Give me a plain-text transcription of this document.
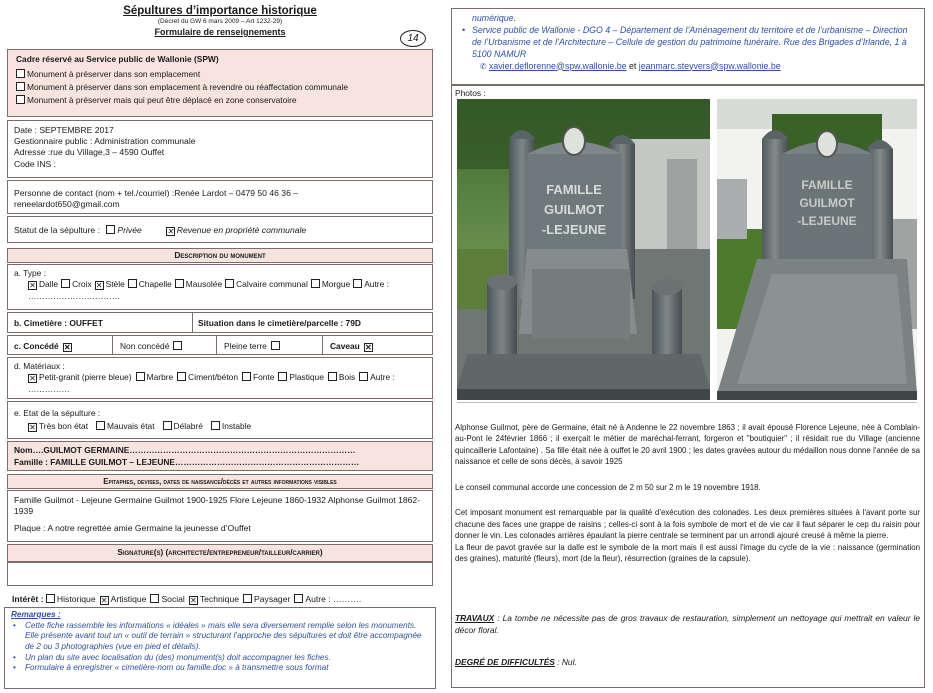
Sépultures d’importance historique
(Décret du GW 6 mars 2009 – Art 1232-29)
Formulaire de renseignements
14
Cadre réservé au Service public de Wallonie (SPW)
Monument à préserver dans son emplacement
Monument à préserver dans son emplacement à revendre ou réaffectation communale
Monument à préserver mais qui peut être déplacé en zone conservatoire
Date : SEPTEMBRE 2017
Gestionnaire public : Administration communale
Adresse :rue du Village,3 – 4590 Ouffet
Code INS :
Personne de contact (nom + tel./courriel) :Renée Lardot – 0479 50 46 36 –
reneelardot650@gmail.com
Statut de la sépulture : Privée ✕	Revenue en propriété communale
Description du monument
a. Type :
✕Dalle Croix ✕ Stèle Chapelle Mausolée Calvaire communal Morgue Autre : ……………………………
b. Cimetière : OUFFET	Situation dans le cimetière/parcelle : 79D
c. Concédé ✕	Non concédé	Pleine terre	Caveau✕
d. Matériaux :
✕Petit-granit (pierre bleue) Marbre Ciment/béton Fonte Plastique Bois Autre : ……………
e. Etat de la sépulture :
✕Très bon état Mauvais état Délabré Instable
Nom….GUILMOT GERMAINE………………………………………………………………………
Famille : FAMILLE GUILMOT – LEJEUNE…………………………………………………………
Epitaphes, devises, dates de naissance/décès et autres informations visibles
Famille Guilmot - Lejeune Germaine Guilmot 1900-1925 Flore Lejeune 1860-1932 Alphonse Guilmot 1862-1939
Plaque : A notre regrettée amie Germaine la jeunesse d’Ouffet
Signature(s) (architecte/entrepreneur/tailleur/carrier)
Intérêt : Historique ✕ Artistique Social ✕ Technique Paysager Autre : ……….
Remarques :
• Cette fiche rassemble les informations « idéales » mais elle sera diversement remplie selon les monuments. Elle présente avant tout un « outil de terrain » structurant l’approche des sépultures et doit être accompagnée de 2 ou 3 photographies (vue en pied et détails).
• Un plan du site avec localisation du (des) monument(s) doit accompagner les fiches.
• Formulaire à enregistrer « cimetière-nom ou famille.doc » à transmettre sous format
numérique.
• Service public de Wallonie - DGO 4 – Département de l’Aménagement du territoire et de l’urbanisme – Direction de l’Urbanisme et de l’Architecture – Cellule de gestion du patrimoine funéraire. Rue des Brigades d’Irlande, 1 à 5100 NAMUR
✆ xavier.deflorenne@spw.wallonie.be et jeanmarc.steyvers@spw.wallonie.be
Photos :
FAMILLE
GUILMOT
-LEJEUNE
FAMILLE
GUILMOT
-LEJEUNE
Alphonse Guilmot, père de Germaine, était né à Andenne le 22 novembre 1863 ; il avait épousé Florence Lejeune, née à Comblain-au-Pont le 24février 1866 ; il exerçait le métier de maréchal-ferrant, forgeron et "boutiquier" ; il résidait rue du Village (ancienne quincaillerie Lafontaine) . Sa fille était née à ouffet le 20 avril 1900 ; les dates gravées autour du médaillon nous donne l'année de sa naissance et celle de sons décès, à savoir 1925
Le conseil communal accorde une concession de 2 m 50 sur 2 m le 19 novembre 1918.
Cet imposant monument est remarquable par la qualité d'exécution des colonades. Les deux premières situées à l'avant porte sur chacune des faces une grappe de raisins ; celles-ci sont à la fois symbole de mort et de vie car il faut séparer le cep du raisin pour donner le vin. Les colonades arrières épaulant la pierre centrale se terminent par un arrondi ajouré creusé à même la pierre.
La fleur de pavot gravée sur la dalle est le symbole de la mort mais il est aussi l'image du cycle de la vie : naissance (germination des graines), maturité (fleurs), mort (de la fleur), résurrection (graines de la capsule).
TRAVAUX : La tombe ne nécessite pas de gros travaux de restauration, simplement un nettoyage qui mettrait en valeur le décor floral.
DEGRÉ DE DIFFICULTÉS : Nul.
